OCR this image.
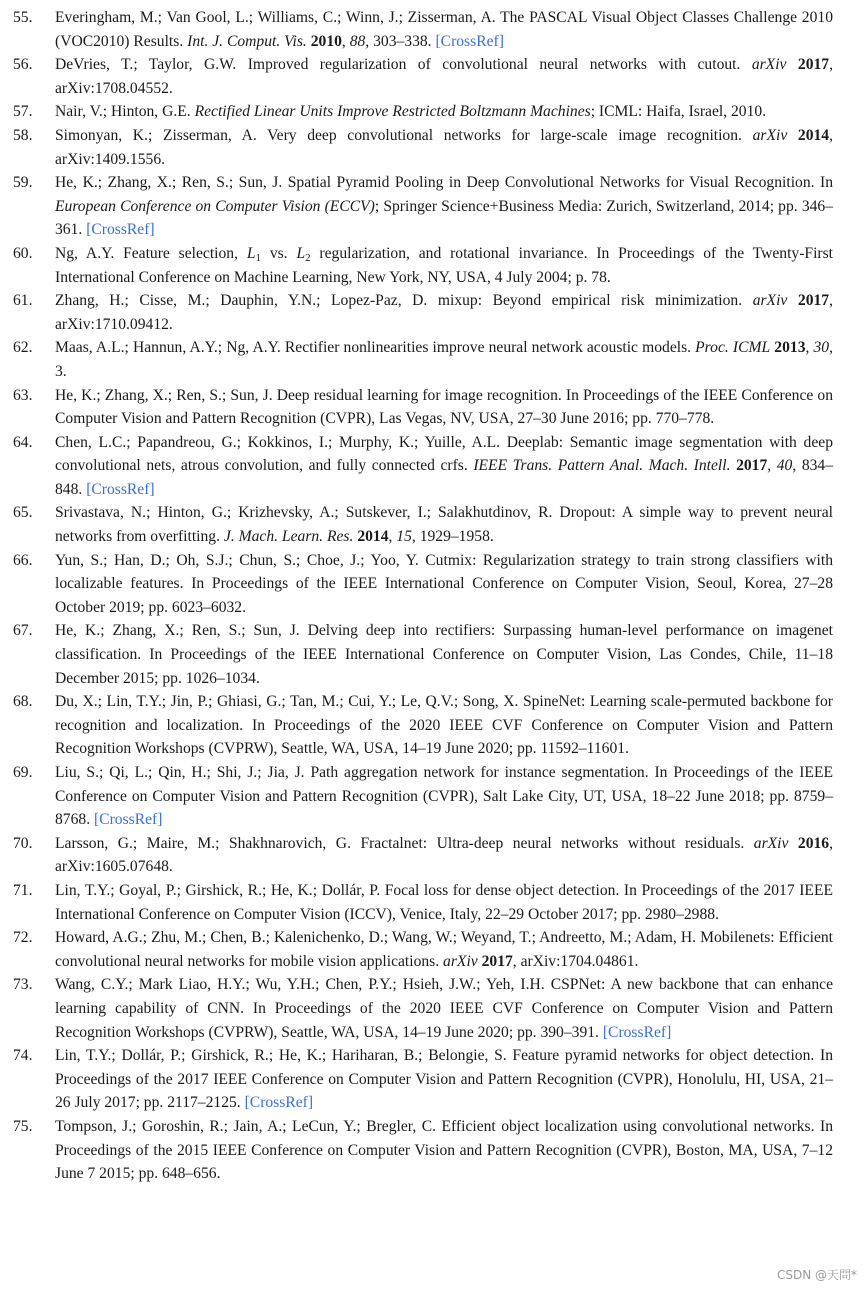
55. Everingham, M.; Van Gool, L.; Williams, C.; Winn, J.; Zisserman, A. The PASCAL Visual Object Classes Challenge 2010 (VOC2010) Results. Int. J. Comput. Vis. 2010, 88, 303–338. [CrossRef]
56. DeVries, T.; Taylor, G.W. Improved regularization of convolutional neural networks with cutout. arXiv 2017, arXiv:1708.04552.
57. Nair, V.; Hinton, G.E. Rectified Linear Units Improve Restricted Boltzmann Machines; ICML: Haifa, Israel, 2010.
58. Simonyan, K.; Zisserman, A. Very deep convolutional networks for large-scale image recognition. arXiv 2014, arXiv:1409.1556.
59. He, K.; Zhang, X.; Ren, S.; Sun, J. Spatial Pyramid Pooling in Deep Convolutional Networks for Visual Recognition. In European Conference on Computer Vision (ECCV); Springer Science+Business Media: Zurich, Switzerland, 2014; pp. 346–361. [CrossRef]
60. Ng, A.Y. Feature selection, $L_1$ vs. $L_2$ regularization, and rotational invariance. In Proceedings of the Twenty-First International Conference on Machine Learning, New York, NY, USA, 4 July 2004; p. 78.
61. Zhang, H.; Cisse, M.; Dauphin, Y.N.; Lopez-Paz, D. mixup: Beyond empirical risk minimization. arXiv 2017, arXiv:1710.09412.
62. Maas, A.L.; Hannun, A.Y.; Ng, A.Y. Rectifier nonlinearities improve neural network acoustic models. Proc. ICML 2013, 30, 3.
63. He, K.; Zhang, X.; Ren, S.; Sun, J. Deep residual learning for image recognition. In Proceedings of the IEEE Conference on Computer Vision and Pattern Recognition (CVPR), Las Vegas, NV, USA, 27–30 June 2016; pp. 770–778.
64. Chen, L.C.; Papandreou, G.; Kokkinos, I.; Murphy, K.; Yuille, A.L. Deeplab: Semantic image segmentation with deep convolutional nets, atrous convolution, and fully connected crfs. IEEE Trans. Pattern Anal. Mach. Intell. 2017, 40, 834–848. [CrossRef]
65. Srivastava, N.; Hinton, G.; Krizhevsky, A.; Sutskever, I.; Salakhutdinov, R. Dropout: A simple way to prevent neural networks from overfitting. J. Mach. Learn. Res. 2014, 15, 1929–1958.
66. Yun, S.; Han, D.; Oh, S.J.; Chun, S.; Choe, J.; Yoo, Y. Cutmix: Regularization strategy to train strong classifiers with localizable features. In Proceedings of the IEEE International Conference on Computer Vision, Seoul, Korea, 27–28 October 2019; pp. 6023–6032.
67. He, K.; Zhang, X.; Ren, S.; Sun, J. Delving deep into rectifiers: Surpassing human-level performance on imagenet classification. In Proceedings of the IEEE International Conference on Computer Vision, Las Condes, Chile, 11–18 December 2015; pp. 1026–1034.
68. Du, X.; Lin, T.Y.; Jin, P.; Ghiasi, G.; Tan, M.; Cui, Y.; Le, Q.V.; Song, X. SpineNet: Learning scale-permuted backbone for recognition and localization. In Proceedings of the 2020 IEEE CVF Conference on Computer Vision and Pattern Recognition Workshops (CVPRW), Seattle, WA, USA, 14–19 June 2020; pp. 11592–11601.
69. Liu, S.; Qi, L.; Qin, H.; Shi, J.; Jia, J. Path aggregation network for instance segmentation. In Proceedings of the IEEE Conference on Computer Vision and Pattern Recognition (CVPR), Salt Lake City, UT, USA, 18–22 June 2018; pp. 8759–8768. [CrossRef]
70. Larsson, G.; Maire, M.; Shakhnarovich, G. Fractalnet: Ultra-deep neural networks without residuals. arXiv 2016, arXiv:1605.07648.
71. Lin, T.Y.; Goyal, P.; Girshick, R.; He, K.; Dollár, P. Focal loss for dense object detection. In Proceedings of the 2017 IEEE International Conference on Computer Vision (ICCV), Venice, Italy, 22–29 October 2017; pp. 2980–2988.
72. Howard, A.G.; Zhu, M.; Chen, B.; Kalenichenko, D.; Wang, W.; Weyand, T.; Andreetto, M.; Adam, H. Mobilenets: Efficient convolutional neural networks for mobile vision applications. arXiv 2017, arXiv:1704.04861.
73. Wang, C.Y.; Mark Liao, H.Y.; Wu, Y.H.; Chen, P.Y.; Hsieh, J.W.; Yeh, I.H. CSPNet: A new backbone that can enhance learning capability of CNN. In Proceedings of the 2020 IEEE CVF Conference on Computer Vision and Pattern Recognition Workshops (CVPRW), Seattle, WA, USA, 14–19 June 2020; pp. 390–391. [CrossRef]
74. Lin, T.Y.; Dollár, P.; Girshick, R.; He, K.; Hariharan, B.; Belongie, S. Feature pyramid networks for object detection. In Proceedings of the 2017 IEEE Conference on Computer Vision and Pattern Recognition (CVPR), Honolulu, HI, USA, 21–26 July 2017; pp. 2117–2125. [CrossRef]
75. Tompson, J.; Goroshin, R.; Jain, A.; LeCun, Y.; Bregler, C. Efficient object localization using convolutional networks. In Proceedings of the 2015 IEEE Conference on Computer Vision and Pattern Recognition (CVPR), Boston, MA, USA, 7–12 June 7 2015; pp. 648–656.
CSDN @天問*
